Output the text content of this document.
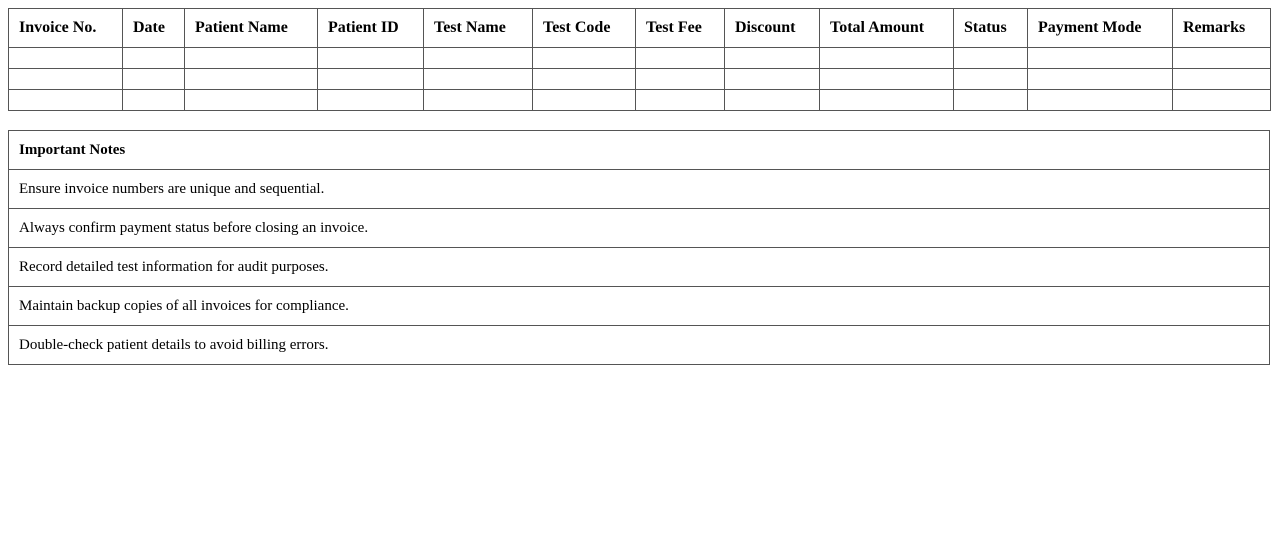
Invoice No.	Date	Patient Name	Patient ID	Test Name	Test Code	Test Fee	Discount	Total Amount	Status	Payment Mode	Remarks

Important Notes
Ensure invoice numbers are unique and sequential.
Always confirm payment status before closing an invoice.
Record detailed test information for audit purposes.
Maintain backup copies of all invoices for compliance.
Double-check patient details to avoid billing errors.
